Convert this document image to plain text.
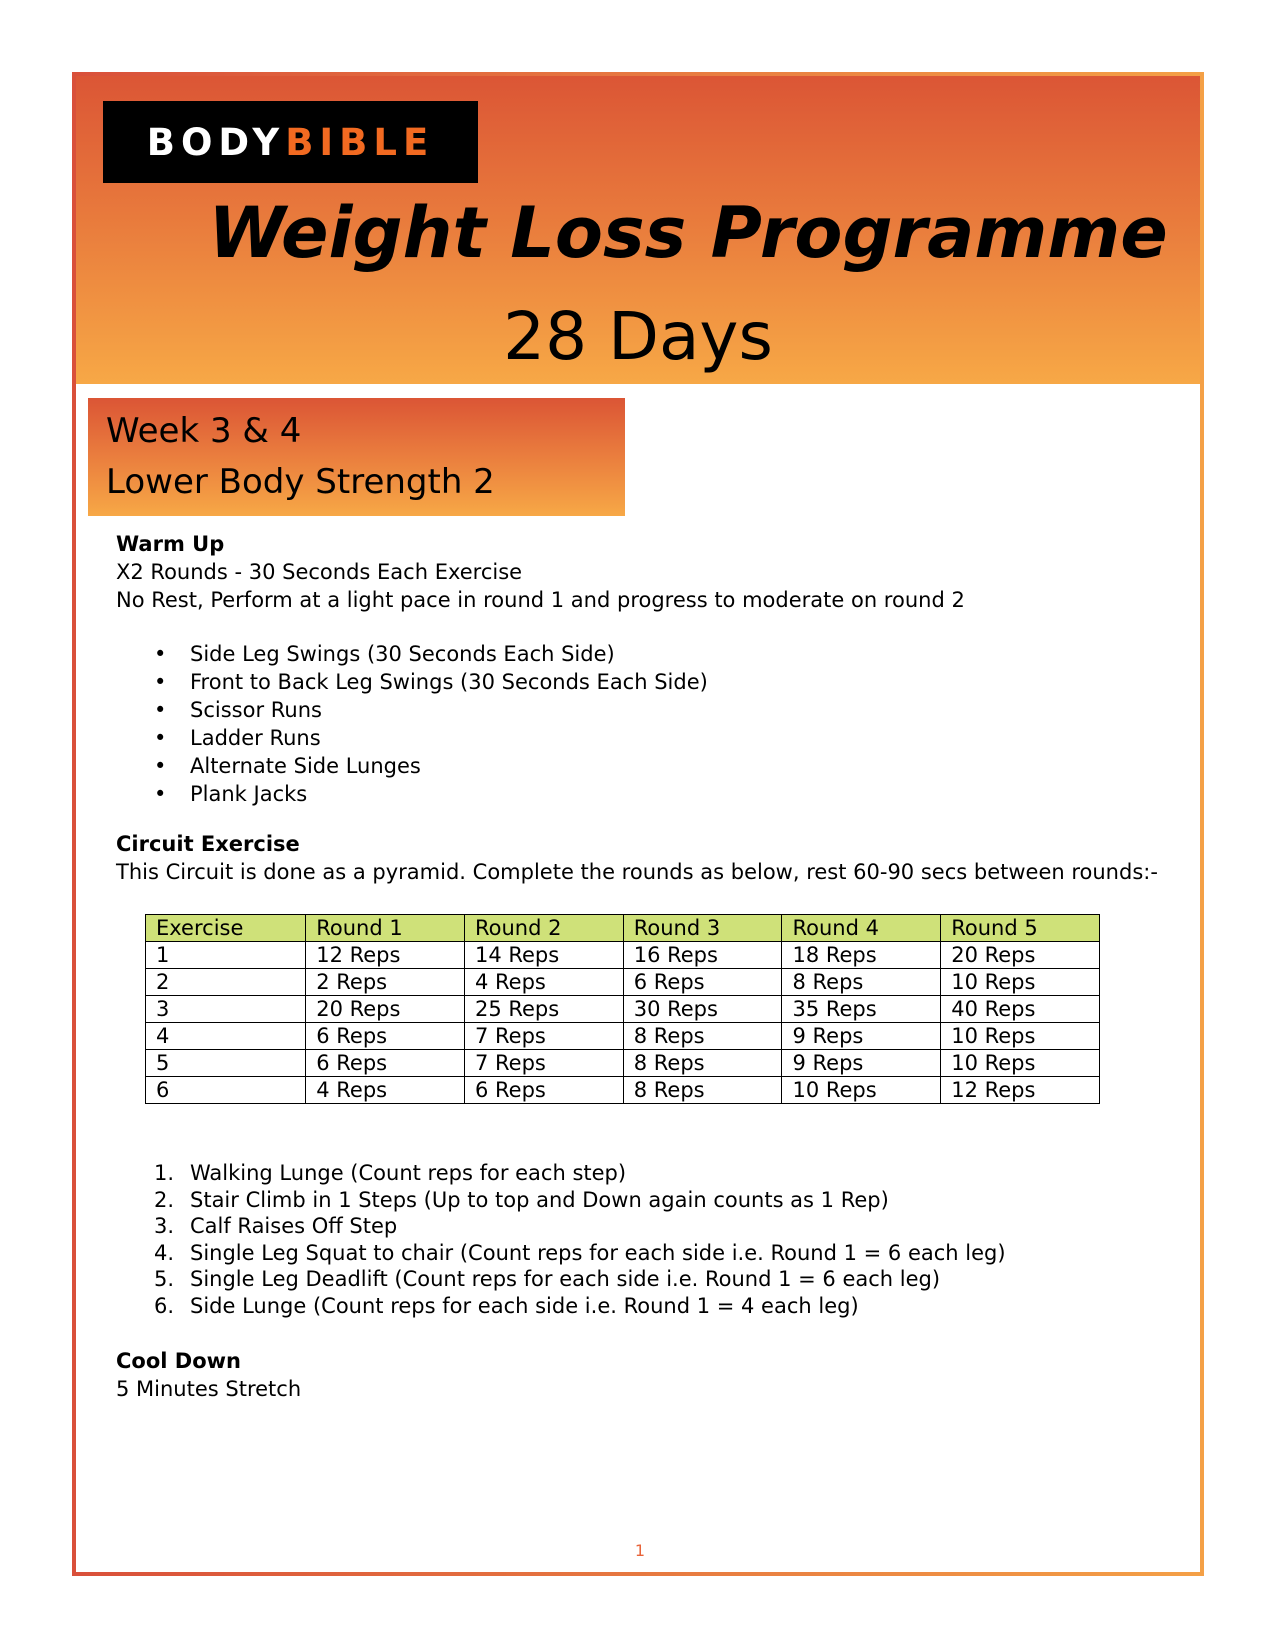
BODY BIBLE
Weight Loss Programme
28 Days
Week 3 & 4
Lower Body Strength 2
Warm Up
X2 Rounds - 30 Seconds Each Exercise
No Rest, Perform at a light pace in round 1 and progress to moderate on round 2
• Side Leg Swings (30 Seconds Each Side)
• Front to Back Leg Swings (30 Seconds Each Side)
• Scissor Runs
• Ladder Runs
• Alternate Side Lunges
• Plank Jacks
Circuit Exercise
This Circuit is done as a pyramid. Complete the rounds as below, rest 60-90 secs between rounds:-
Exercise	Round 1	Round 2	Round 3	Round 4	Round 5
1	12 Reps	14 Reps	16 Reps	18 Reps	20 Reps
2	2 Reps	4 Reps	6 Reps	8 Reps	10 Reps
3	20 Reps	25 Reps	30 Reps	35 Reps	40 Reps
4	6 Reps	7 Reps	8 Reps	9 Reps	10 Reps
5	6 Reps	7 Reps	8 Reps	9 Reps	10 Reps
6	4 Reps	6 Reps	8 Reps	10 Reps	12 Reps
1. Walking Lunge (Count reps for each step)
2. Stair Climb in 1 Steps (Up to top and Down again counts as 1 Rep)
3. Calf Raises Off Step
4. Single Leg Squat to chair (Count reps for each side i.e. Round 1 = 6 each leg)
5. Single Leg Deadlift (Count reps for each side i.e. Round 1 = 6 each leg)
6. Side Lunge (Count reps for each side i.e. Round 1 = 4 each leg)
Cool Down
5 Minutes Stretch
1
